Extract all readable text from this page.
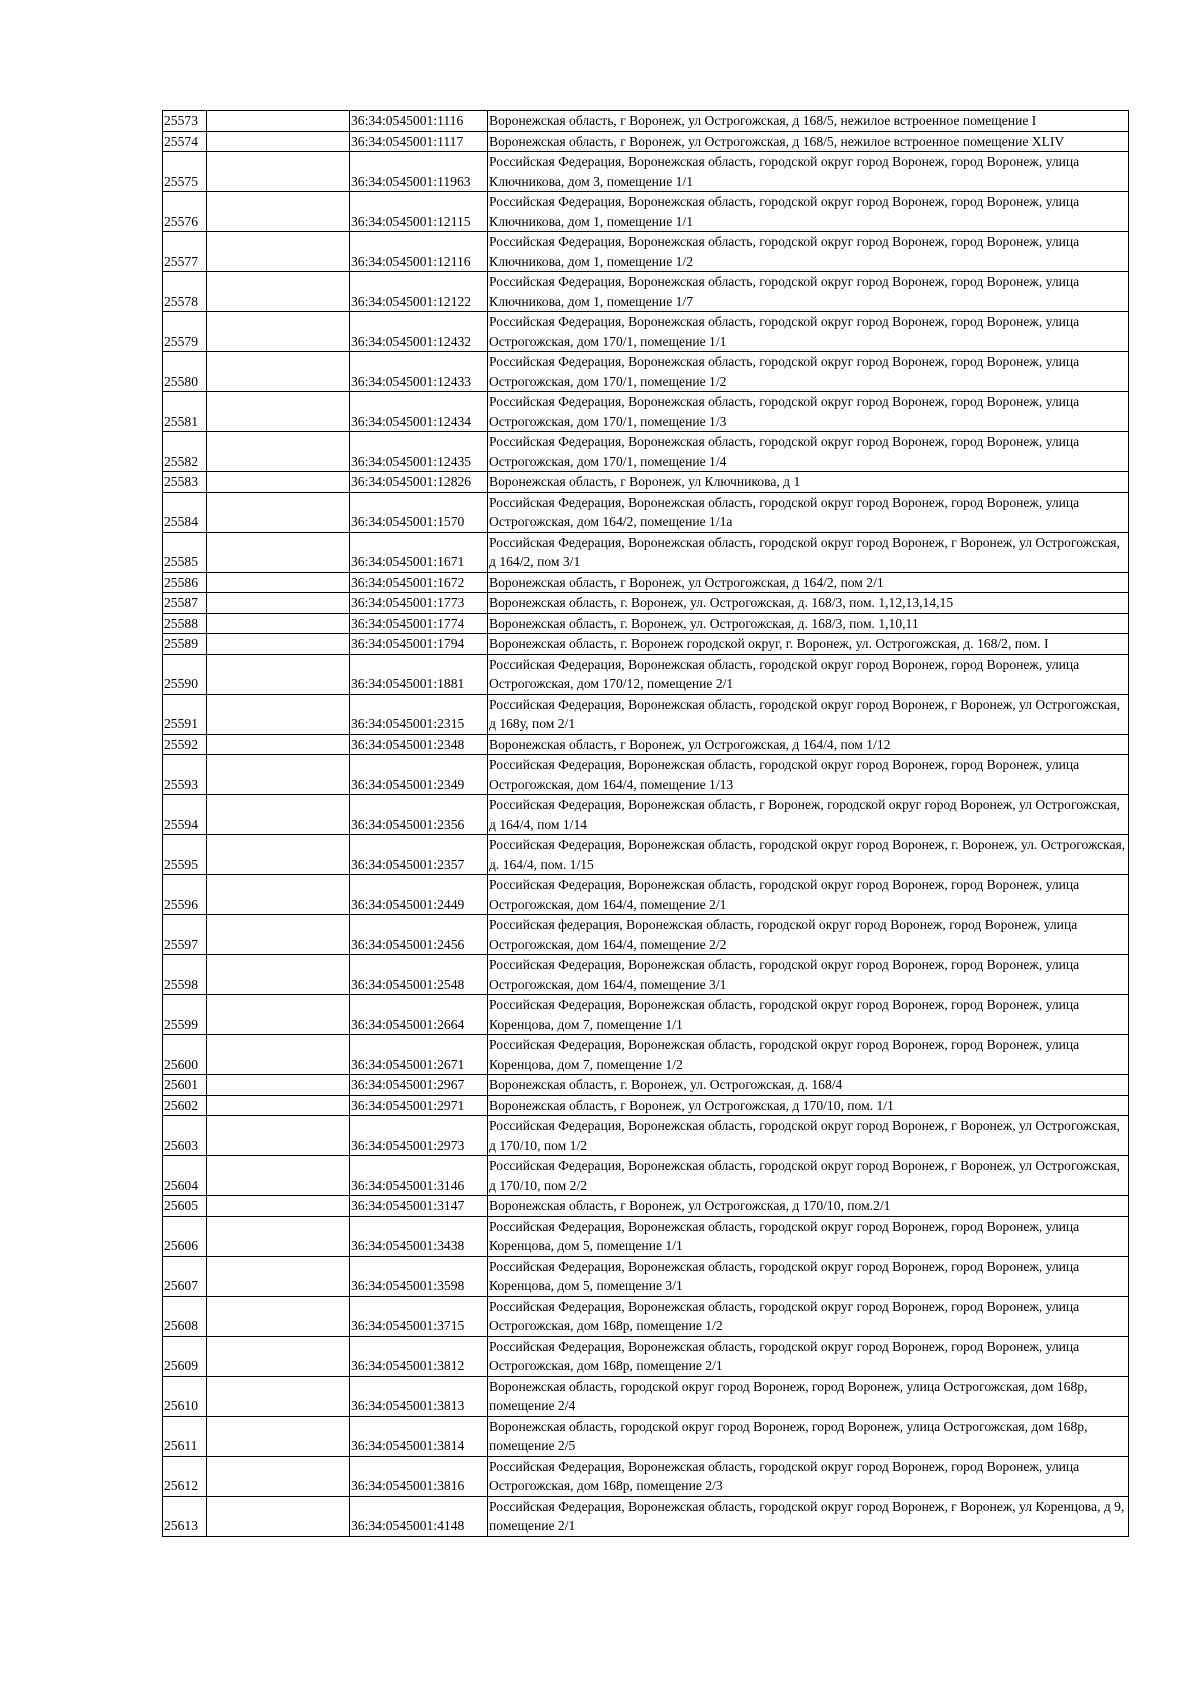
25573		36:34:0545001:1116	Воронежская область, г Воронеж, ул Острогожская, д 168/5, нежилое встроенное помещение I
25574		36:34:0545001:1117	Воронежская область, г Воронеж, ул Острогожская, д 168/5, нежилое встроенное помещение XLIV
25575		36:34:0545001:11963	Российская Федерация, Воронежская область, городской округ город Воронеж, город Воронеж, улица Ключникова, дом 3, помещение 1/1
25576		36:34:0545001:12115	Российская Федерация, Воронежская область, городской округ город Воронеж, город Воронеж, улица Ключникова, дом 1, помещение 1/1
25577		36:34:0545001:12116	Российская Федерация, Воронежская область, городской округ город Воронеж, город Воронеж, улица Ключникова, дом 1, помещение 1/2
25578		36:34:0545001:12122	Российская Федерация, Воронежская область, городской округ город Воронеж, город Воронеж, улица Ключникова, дом 1, помещение 1/7
25579		36:34:0545001:12432	Российская Федерация, Воронежская область, городской округ город Воронеж, город Воронеж, улица Острогожская, дом 170/1, помещение 1/1
25580		36:34:0545001:12433	Российская Федерация, Воронежская область, городской округ город Воронеж, город Воронеж, улица Острогожская, дом 170/1, помещение 1/2
25581		36:34:0545001:12434	Российская Федерация, Воронежская область, городской округ город Воронеж, город Воронеж, улица Острогожская, дом 170/1, помещение 1/3
25582		36:34:0545001:12435	Российская Федерация, Воронежская область, городской округ город Воронеж, город Воронеж, улица Острогожская, дом 170/1, помещение 1/4
25583		36:34:0545001:12826	Воронежская область, г Воронеж, ул Ключникова, д 1
25584		36:34:0545001:1570	Российская Федерация, Воронежская область, городской округ город Воронеж, город Воронеж, улица Острогожская, дом 164/2, помещение 1/1а
25585		36:34:0545001:1671	Российская Федерация, Воронежская область, городской округ город Воронеж, г Воронеж, ул Острогожская, д 164/2, пом 3/1
25586		36:34:0545001:1672	Воронежская область, г Воронеж, ул Острогожская, д 164/2, пом 2/1
25587		36:34:0545001:1773	Воронежская область, г. Воронеж, ул. Острогожская, д. 168/3, пом. 1,12,13,14,15
25588		36:34:0545001:1774	Воронежская область, г. Воронеж, ул. Острогожская, д. 168/3, пом. 1,10,11
25589		36:34:0545001:1794	Воронежская область, г. Воронеж городской округ, г. Воронеж, ул. Острогожская, д. 168/2, пом. I
25590		36:34:0545001:1881	Российская Федерация, Воронежская область, городской округ город Воронеж, город Воронеж, улица Острогожская, дом 170/12, помещение 2/1
25591		36:34:0545001:2315	Российская Федерация, Воронежская область, городской округ город Воронеж, г Воронеж, ул Острогожская, д 168у, пом 2/1
25592		36:34:0545001:2348	Воронежская область, г Воронеж, ул Острогожская, д 164/4, пом 1/12
25593		36:34:0545001:2349	Российская Федерация, Воронежская область, городской округ город Воронеж, город Воронеж, улица Острогожская, дом 164/4, помещение 1/13
25594		36:34:0545001:2356	Российская Федерация, Воронежская область, г Воронеж, городской округ город Воронеж, ул Острогожская, д 164/4, пом 1/14
25595		36:34:0545001:2357	Российская Федерация, Воронежская область, городской округ город Воронеж, г. Воронеж, ул. Острогожская, д. 164/4, пом. 1/15
25596		36:34:0545001:2449	Российская Федерация, Воронежская область, городской округ город Воронеж, город Воронеж, улица Острогожская, дом 164/4, помещение 2/1
25597		36:34:0545001:2456	Российская федерация, Воронежская область, городской округ город Воронеж, город Воронеж, улица Острогожская, дом 164/4, помещение 2/2
25598		36:34:0545001:2548	Российская Федерация, Воронежская область, городской округ город Воронеж, город Воронеж, улица Острогожская, дом 164/4, помещение 3/1
25599		36:34:0545001:2664	Российская Федерация, Воронежская область, городской округ город Воронеж, город Воронеж, улица Коренцова, дом 7, помещение 1/1
25600		36:34:0545001:2671	Российская Федерация, Воронежская область, городской округ город Воронеж, город Воронеж, улица Коренцова, дом 7, помещение 1/2
25601		36:34:0545001:2967	Воронежская область, г. Воронеж, ул. Острогожская, д. 168/4
25602		36:34:0545001:2971	Воронежская область, г Воронеж, ул Острогожская, д 170/10, пом. 1/1
25603		36:34:0545001:2973	Российская Федерация, Воронежская область, городской округ город Воронеж, г Воронеж, ул Острогожская, д 170/10, пом 1/2
25604		36:34:0545001:3146	Российская Федерация, Воронежская область, городской округ город Воронеж, г Воронеж, ул Острогожская, д 170/10, пом 2/2
25605		36:34:0545001:3147	Воронежская область, г Воронеж, ул Острогожская, д 170/10, пом.2/1
25606		36:34:0545001:3438	Российская Федерация, Воронежская область, городской округ город Воронеж, город Воронеж, улица Коренцова, дом 5, помещение 1/1
25607		36:34:0545001:3598	Российская Федерация, Воронежская область, городской округ город Воронеж, город Воронеж, улица Коренцова, дом 5, помещение 3/1
25608		36:34:0545001:3715	Российская Федерация, Воронежская область, городской округ город Воронеж, город Воронеж, улица Острогожская, дом 168р, помещение 1/2
25609		36:34:0545001:3812	Российская Федерация, Воронежская область, городской округ город Воронеж, город Воронеж, улица Острогожская, дом 168р, помещение 2/1
25610		36:34:0545001:3813	Воронежская область, городской округ город Воронеж, город Воронеж, улица Острогожская, дом 168р, помещение 2/4
25611		36:34:0545001:3814	Воронежская область, городской округ город Воронеж, город Воронеж, улица Острогожская, дом 168р, помещение 2/5
25612		36:34:0545001:3816	Российская Федерация, Воронежская область, городской округ город Воронеж, город Воронеж, улица Острогожская, дом 168р, помещение 2/3
25613		36:34:0545001:4148	Российская Федерация, Воронежская область, городской округ город Воронеж, г Воронеж, ул Коренцова, д 9, помещение 2/1
